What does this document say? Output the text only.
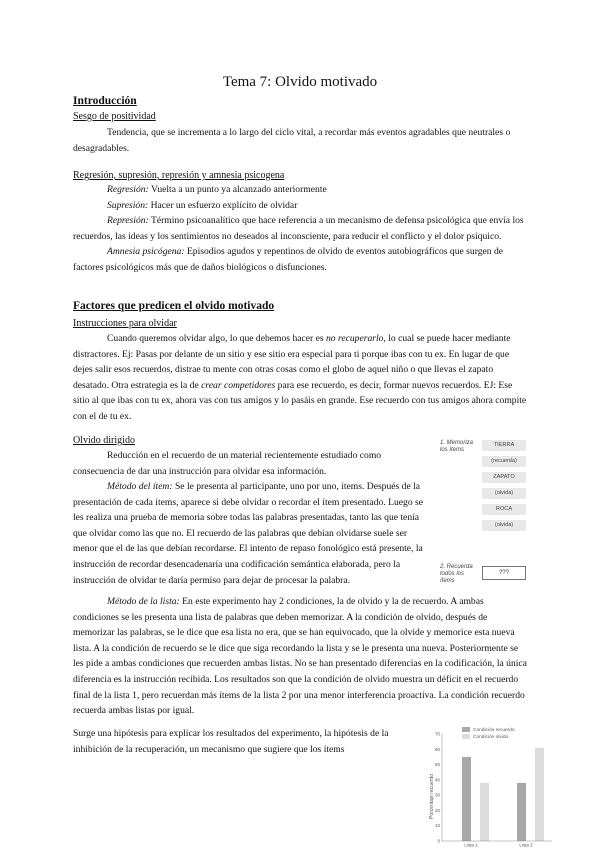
Tema 7: Olvido motivado
Introducción
Sesgo de positividad

Tendencia, que se incrementa a lo largo del ciclo vital, a recordar más eventos agradables que neutrales o desagradables.

Regresión, supresión, represión y amnesia psicogena

Regresión: Vuelta a un punto ya alcanzado anteriormente

Supresión: Hacer un esfuerzo explícito de olvidar

Represión: Término psicoanalítico que hace referencia a un mecanismo de defensa psicológica que envía los recuerdos, las ideas y los sentimientos no deseados al inconsciente, para reducir el conflicto y el dolor psíquico.

Amnesia psicógena: Episodios agudos y repentinos de olvido de eventos autobiográficos que surgen de factores psicológicos más que de daños biológicos o disfunciones.

Factores que predicen el olvido motivado
Instrucciones para olvidar

Cuando queremos olvidar algo, lo que debemos hacer es no recuperarlo, lo cual se puede hacer mediante distractores. Ej: Pasas por delante de un sitio y ese sitio era especial para ti porque ibas con tu ex. En lugar de que dejes salir esos recuerdos, distrae tu mente con otras cosas como el globo de aquel niño o que llevas el zapato desatado. Otra estrategia es la de crear competidores para ese recuerdo, es decir, formar nuevos recuerdos. EJ: Ese sitio al que ibas con tu ex, ahora vas con tus amigos y lo pasáis en grande. Ese recuerdo con tus amigos ahora compite con el de tu ex.

Olvido dirigido

Reducción en el recuerdo de un material recientemente estudiado como consecuencia de dar una instrucción para olvidar esa información.

Método del ítem: Se le presenta al participante, uno por uno, ítems. Después de la presentación de cada ítems, aparece si debe olvidar o recordar el ítem presentado. Luego se les realiza una prueba de memoria sobre todas las palabras presentadas, tanto las que tenía que olvidar como las que no. El recuerdo de las palabras que debían olvidarse suele ser menor que el de las que debían recordarse. El intento de repaso fonológico está presente, la instrucción de recordar desencadenaría una codificación semántica elaborada, pero la instrucción de olvidar te daría permiso para dejar de procesar la palabra.

1. Memoriza los ítems
TIERRA
(recuerda)
ZAPATO
(olvida)
ROCA
(olvida)
2. Recuerda todos los ítems
???

Método de la lista: En este experimento hay 2 condiciones, la de olvido y la de recuerdo. A ambas condiciones se les presenta una lista de palabras que deben memorizar. A la condición de olvido, después de memorizar las palabras, se le dice que esa lista no era, que se han equivocado, que la olvide y memorice esta nueva lista. A la condición de recuerdo se le dice que siga recordando la lista y se le presenta una nueva. Posteriormente se les pide a ambas condiciones que recuerden ambas listas. No se han presentado diferencias en la codificación, la única diferencia es la instrucción recibida. Los resultados son que la condición de olvido muestra un déficit en el recuerdo final de la lista 1, pero recuerdan más ítems de la lista 2 por una menor interferencia proactiva. La condición recuerdo recuerda ambas listas por igual.

Surge una hipótesis para explicar los resultados del experimento, la hipótesis de la inhibición de la recuperación, un mecanismo que sugiere que los ítems

Porcentaje recuerdo
70
60
50
40
30
20
10
0
Condición recuerdo
Condición olvido
Lista 1	Lista 2
